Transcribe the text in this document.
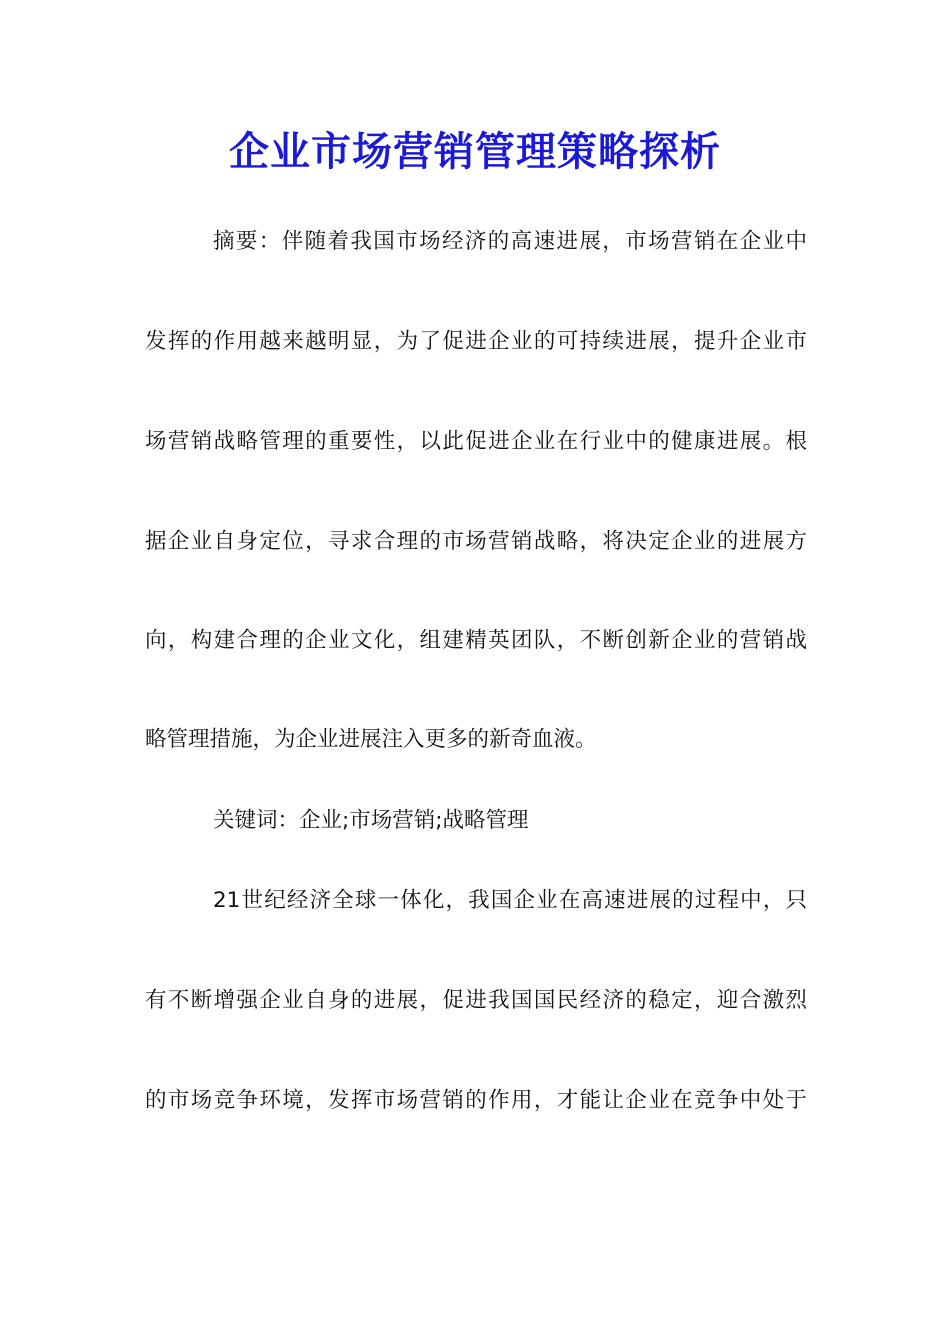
企业市场营销管理策略探析
摘要：伴随着我国市场经济的高速进展，市场营销在企业中
发挥的作用越来越明显，为了促进企业的可持续进展，提升企业市
场营销战略管理的重要性，以此促进企业在行业中的健康进展。根
据企业自身定位，寻求合理的市场营销战略，将决定企业的进展方
向，构建合理的企业文化，组建精英团队，不断创新企业的营销战
略管理措施，为企业进展注入更多的新奇血液。
关键词：企业;市场营销;战略管理
21世纪经济全球一体化，我国企业在高速进展的过程中，只
有不断增强企业自身的进展，促进我国国民经济的稳定，迎合激烈
的市场竞争环境，发挥市场营销的作用，才能让企业在竞争中处于
